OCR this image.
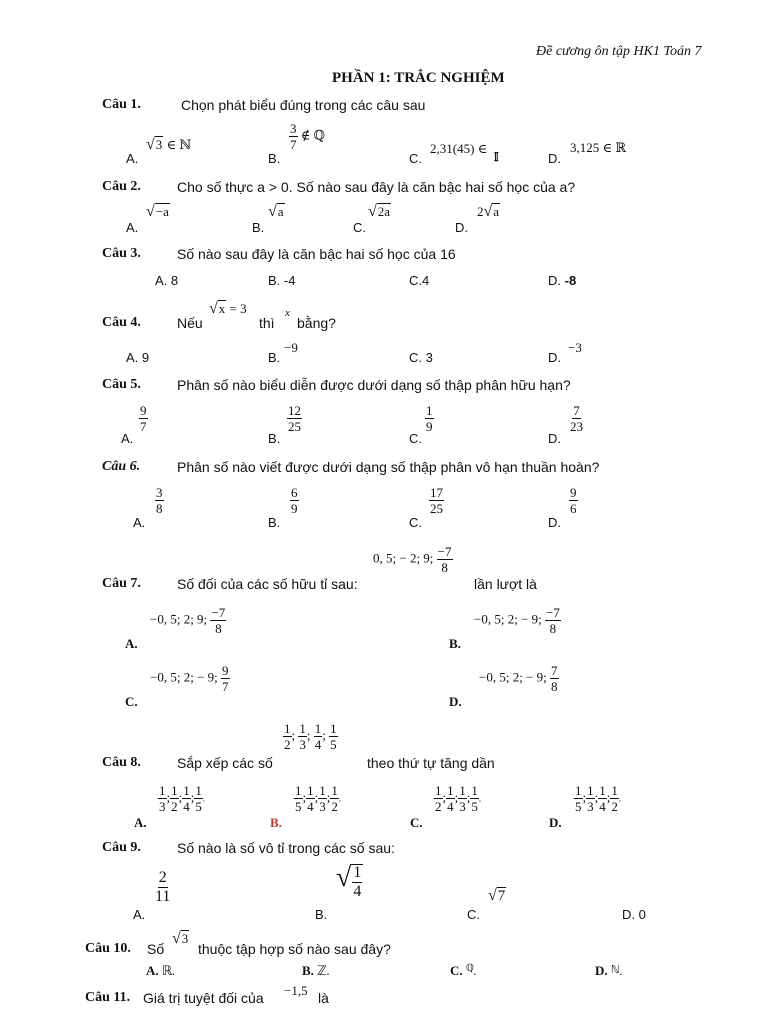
Đề cương ôn tập HK1 Toán 7
PHẦN 1: TRẮC NGHIỆM
Câu 1.	Chọn phát biểu đúng trong các câu sau
A.
√3 ∈ ℕ
B.
$\frac{3}{7}$ ∉ ℚ
C.
2,31(45) ∈
𝕀	D.
3,125 ∈ ℝ
Câu 2.	Cho số thực a > 0. Số nào sau đây là căn bậc hai số học của a?
A.
√−a
B.
√a
C.
√2a
D.
2√a
Câu 3.	Số nào sau đây là căn bậc hai số học của 16
A. 8	B. -4	C.4	D. -8
Câu 4.	Nếu
√x = 3
thì
x
bằng?
A. 9	B.
−9
C. 3	D.
−3
Câu 5.	Phân số nào biểu diễn được dưới dạng số thập phân hữu hạn?
A.
$\frac{9}{7}$
B.
$\frac{12}{25}$
C.
$\frac{1}{9}$
D.
$\frac{7}{23}$
Câu 6.	Phân số nào viết được dưới dạng số thập phân vô hạn thuần hoàn?
A.
$\frac{3}{8}$
B.
$\frac{6}{9}$
C.
$\frac{17}{25}$
D.
$\frac{9}{6}$
0, 5; − 2; 9; $\frac{-7}{8}$
Câu 7.	Số đối của các số hữu tỉ sau:	lần lượt là
A.
−0, 5; 2; 9; $\frac{-7}{8}$
B.
−0, 5; 2; − 9; $\frac{-7}{8}$
C.
−0, 5; 2; − 9; $\frac{9}{7}$
D.
−0, 5; 2; − 9; $\frac{7}{8}$
$\frac{1}{2}$ ; $\frac{1}{3}$ ; $\frac{1}{4}$ ; $\frac{1}{5}$
Câu 8.	Sắp xếp các số	theo thứ tự tăng dần
A.
$\frac{1}{3}$ ; $\frac{1}{2}$ ; $\frac{1}{4}$ ; $\frac{1}{5}$ .
B.
$\frac{1}{5}$ ; $\frac{1}{4}$ ; $\frac{1}{3}$ ; $\frac{1}{2}$ .
C.
$\frac{1}{2}$ ; $\frac{1}{4}$ ; $\frac{1}{3}$ ; $\frac{1}{5}$ .
D.
$\frac{1}{5}$ ; $\frac{1}{3}$ ; $\frac{1}{4}$ ; $\frac{1}{2}$ .
Câu 9.	Số nào là số vô tỉ trong các số sau:
A.
$\frac{2}{11}$
B.
√ $\frac{1}{4}$
C.
√7
D. 0
Câu 10. Số
√3
thuộc tập hợp số nào sau đây?
A. ℝ.	B. ℤ.	C. $^ℚ$.	D. $^ℕ$.
Câu 11. Giá trị tuyệt đối của −1,5 là
